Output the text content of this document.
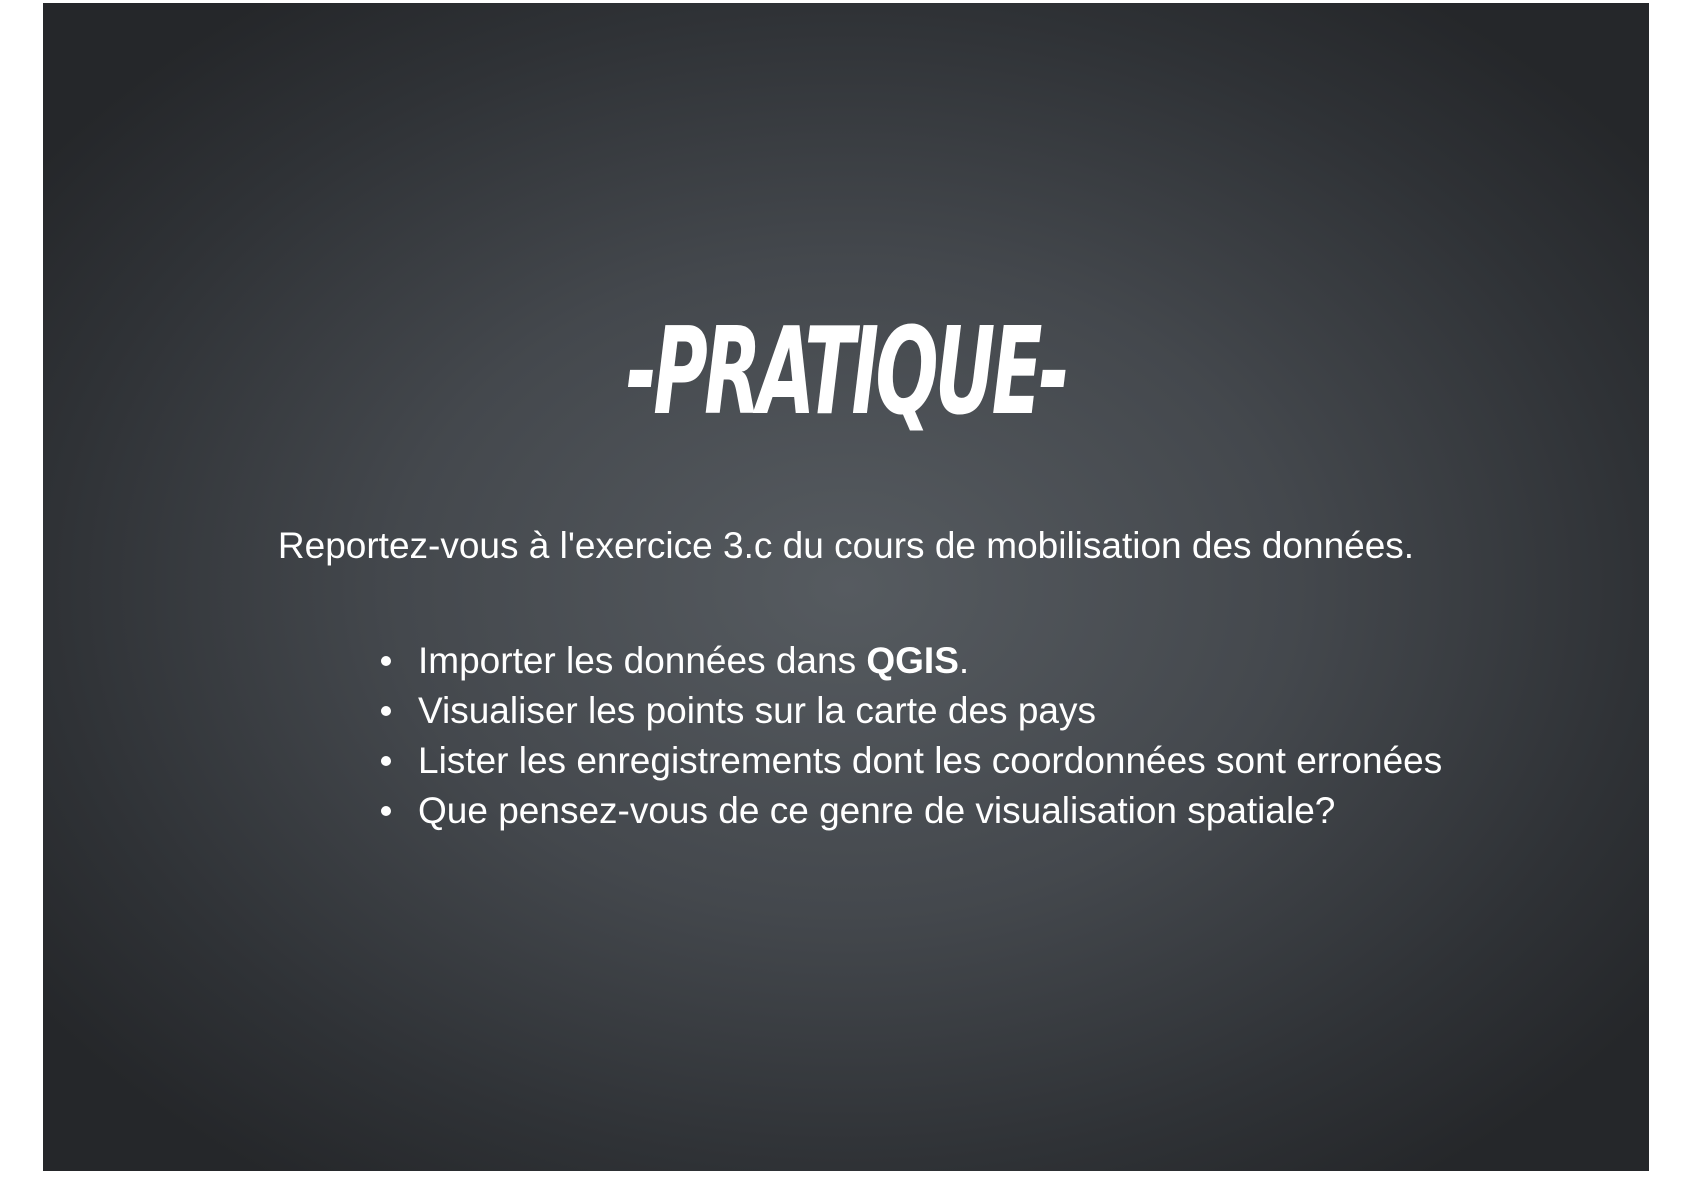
-PRATIQUE-

Reportez-vous à l'exercice 3.c du cours de mobilisation des données.

Importer les données dans QGIS.
Visualiser les points sur la carte des pays
Lister les enregistrements dont les coordonnées sont erronées
Que pensez-vous de ce genre de visualisation spatiale?
